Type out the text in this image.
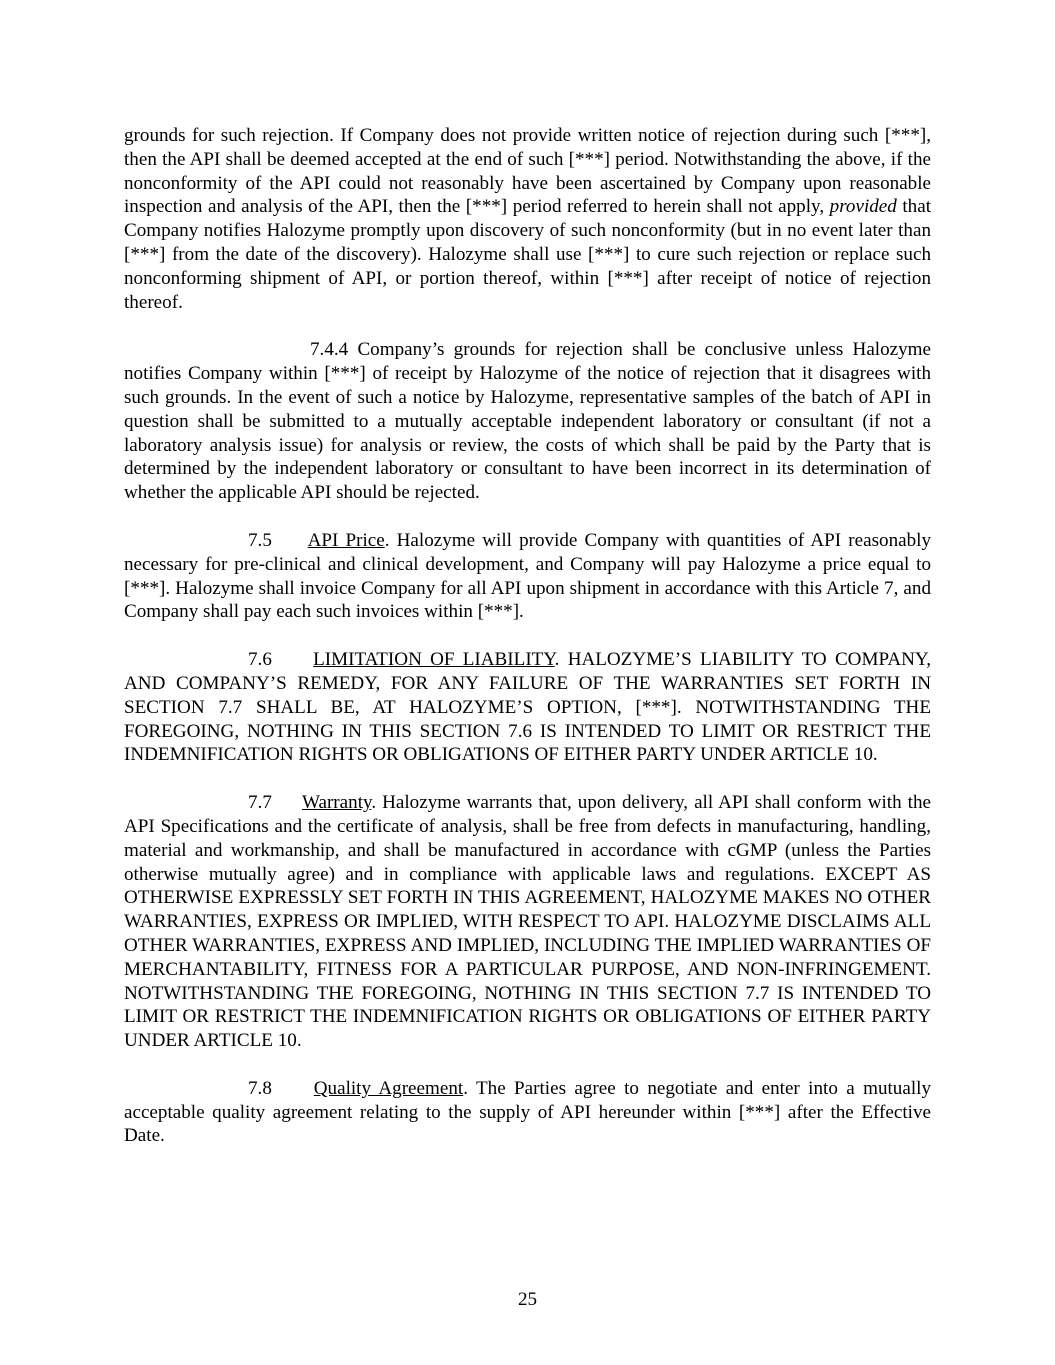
grounds for such rejection. If Company does not provide written notice of rejection during such [***], then the API shall be deemed accepted at the end of such [***] period. Notwithstanding the above, if the nonconformity of the API could not reasonably have been ascertained by Company upon reasonable inspection and analysis of the API, then the [***] period referred to herein shall not apply, provided that Company notifies Halozyme promptly upon discovery of such nonconformity (but in no event later than [***] from the date of the discovery). Halozyme shall use [***] to cure such rejection or replace such nonconforming shipment of API, or portion thereof, within [***] after receipt of notice of rejection thereof.

7.4.4 Company’s grounds for rejection shall be conclusive unless Halozyme notifies Company within [***] of receipt by Halozyme of the notice of rejection that it disagrees with such grounds. In the event of such a notice by Halozyme, representative samples of the batch of API in question shall be submitted to a mutually acceptable independent laboratory or consultant (if not a laboratory analysis issue) for analysis or review, the costs of which shall be paid by the Party that is determined by the independent laboratory or consultant to have been incorrect in its determination of whether the applicable API should be rejected.

7.5 API Price. Halozyme will provide Company with quantities of API reasonably necessary for pre-clinical and clinical development, and Company will pay Halozyme a price equal to [***]. Halozyme shall invoice Company for all API upon shipment in accordance with this Article 7, and Company shall pay each such invoices within [***].

7.6 LIMITATION OF LIABILITY. HALOZYME’S LIABILITY TO COMPANY, AND COMPANY’S REMEDY, FOR ANY FAILURE OF THE WARRANTIES SET FORTH IN SECTION 7.7 SHALL BE, AT HALOZYME’S OPTION, [***]. NOTWITHSTANDING THE FOREGOING, NOTHING IN THIS SECTION 7.6 IS INTENDED TO LIMIT OR RESTRICT THE INDEMNIFICATION RIGHTS OR OBLIGATIONS OF EITHER PARTY UNDER ARTICLE 10.

7.7 Warranty. Halozyme warrants that, upon delivery, all API shall conform with the API Specifications and the certificate of analysis, shall be free from defects in manufacturing, handling, material and workmanship, and shall be manufactured in accordance with cGMP (unless the Parties otherwise mutually agree) and in compliance with applicable laws and regulations. EXCEPT AS OTHERWISE EXPRESSLY SET FORTH IN THIS AGREEMENT, HALOZYME MAKES NO OTHER WARRANTIES, EXPRESS OR IMPLIED, WITH RESPECT TO API. HALOZYME DISCLAIMS ALL OTHER WARRANTIES, EXPRESS AND IMPLIED, INCLUDING THE IMPLIED WARRANTIES OF MERCHANTABILITY, FITNESS FOR A PARTICULAR PURPOSE, AND NON-INFRINGEMENT. NOTWITHSTANDING THE FOREGOING, NOTHING IN THIS SECTION 7.7 IS INTENDED TO LIMIT OR RESTRICT THE INDEMNIFICATION RIGHTS OR OBLIGATIONS OF EITHER PARTY UNDER ARTICLE 10.

7.8 Quality Agreement. The Parties agree to negotiate and enter into a mutually acceptable quality agreement relating to the supply of API hereunder within [***] after the Effective Date.

25
